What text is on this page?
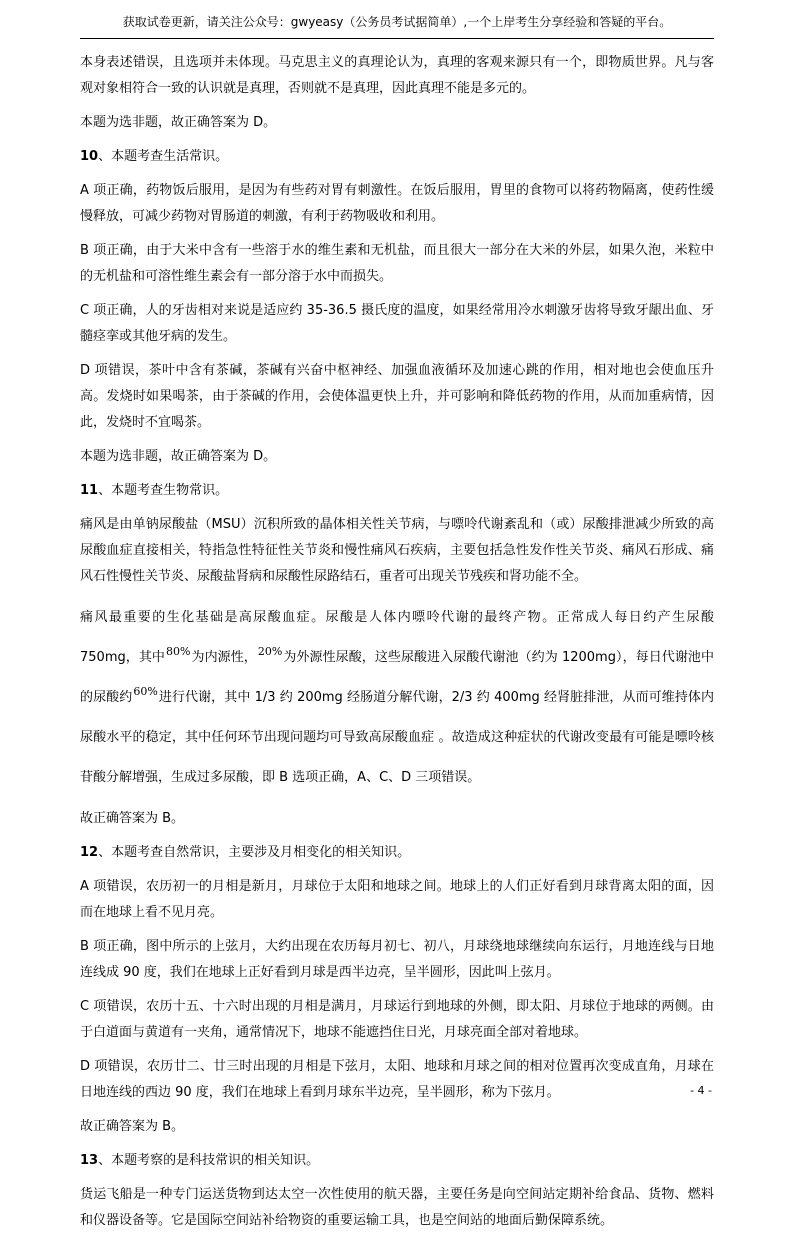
获取试卷更新，请关注公众号：gwyeasy（公务员考试据简单）,一个上岸考生分享经验和答疑的平台。

本身表述错误，且选项并未体现。马克思主义的真理论认为，真理的客观来源只有一个，即物质世界。凡与客观对象相符合一致的认识就是真理，否则就不是真理，因此真理不能是多元的。

本题为选非题，故正确答案为 D。

10、本题考查生活常识。

A 项正确，药物饭后服用，是因为有些药对胃有刺激性。在饭后服用，胃里的食物可以将药物隔离，使药性缓慢释放，可减少药物对胃肠道的刺激，有利于药物吸收和利用。

B 项正确，由于大米中含有一些溶于水的维生素和无机盐，而且很大一部分在大米的外层，如果久泡，米粒中的无机盐和可溶性维生素会有一部分溶于水中而损失。

C 项正确，人的牙齿相对来说是适应约 35-36.5 摄氏度的温度，如果经常用冷水刺激牙齿将导致牙龈出血、牙髓痉挛或其他牙病的发生。

D 项错误，茶叶中含有茶碱，茶碱有兴奋中枢神经、加强血液循环及加速心跳的作用，相对地也会使血压升高。发烧时如果喝茶，由于茶碱的作用，会使体温更快上升，并可影响和降低药物的作用，从而加重病情，因此，发烧时不宜喝茶。

本题为选非题，故正确答案为 D。

11、本题考查生物常识。

痛风是由单钠尿酸盐（MSU）沉积所致的晶体相关性关节病，与嘌呤代谢紊乱和（或）尿酸排泄减少所致的高尿酸血症直接相关，特指急性特征性关节炎和慢性痛风石疾病，主要包括急性发作性关节炎、痛风石形成、痛风石性慢性关节炎、尿酸盐肾病和尿酸性尿路结石，重者可出现关节残疾和肾功能不全。

痛风最重要的生化基础是高尿酸血症。尿酸是人体内嘌呤代谢的最终产物。正常成人每日约产生尿酸 750mg，其中$^{80\%}$为内源性，$^{20\%}$为外源性尿酸，这些尿酸进入尿酸代谢池（约为 1200mg），每日代谢池中的尿酸约$^{60\%}$进行代谢，其中 1/3 约 200mg 经肠道分解代谢，2/3 约 400mg 经肾脏排泄，从而可维持体内尿酸水平的稳定，其中任何环节出现问题均可导致高尿酸血症 。故造成这种症状的代谢改变最有可能是嘌呤核苷酸分解增强，生成过多尿酸，即 B 选项正确，A、C、D 三项错误。

故正确答案为 B。

12、本题考查自然常识，主要涉及月相变化的相关知识。

A 项错误，农历初一的月相是新月，月球位于太阳和地球之间。地球上的人们正好看到月球背离太阳的面，因而在地球上看不见月亮。

B 项正确，图中所示的上弦月，大约出现在农历每月初七、初八，月球绕地球继续向东运行，月地连线与日地连线成 90 度，我们在地球上正好看到月球是西半边亮，呈半圆形，因此叫上弦月。

C 项错误，农历十五、十六时出现的月相是满月，月球运行到地球的外侧，即太阳、月球位于地球的两侧。由于白道面与黄道有一夹角，通常情况下，地球不能遮挡住日光，月球亮面全部对着地球。

D 项错误，农历廿二、廿三时出现的月相是下弦月，太阳、地球和月球之间的相对位置再次变成直角，月球在日地连线的西边 90 度，我们在地球上看到月球东半边亮，呈半圆形，称为下弦月。

故正确答案为 B。

13、本题考察的是科技常识的相关知识。

货运飞船是一种专门运送货物到达太空一次性使用的航天器，主要任务是向空间站定期补给食品、货物、燃料和仪器设备等。它是国际空间站补给物资的重要运输工具，也是空间站的地面后勤保障系统。

- 4 -
